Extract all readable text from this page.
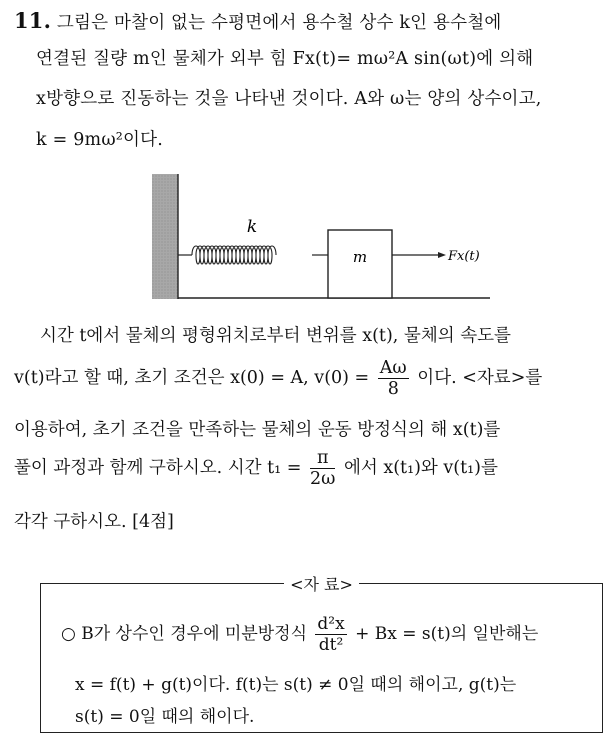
11. 그림은 마찰이 없는 수평면에서 용수철 상수 k인 용수철에
연결된 질량 m인 물체가 외부 힘 Fx(t)= mω²A sin(ωt)에 의해
x방향으로 진동하는 것을 나타낸 것이다. A와 ω는 양의 상수이고,
k = 9mω²이다.
k
m	Fx(t)
시간 t에서 물체의 평형위치로부터 변위를 x(t), 물체의 속도를
v(t)라고 할 때, 초기 조건은 x(0) = A, $v(0) = \frac{A\omega}{8}$ 이다. <자료>를
이용하여, 초기 조건을 만족하는 물체의 운동 방정식의 해 x(t)를
풀이 과정과 함께 구하시오. 시간 $t_1 = \frac{\pi}{2\omega}$ 에서 x(t₁)와 v(t₁)를
각각 구하시오. [4점]
<자 료>
○ B가 상수인 경우에 미분방정식 $\frac{\text{d²x}}{\text{dt²}} + Bx = s(t)$의 일반해는
x = f(t) + g(t)이다. f(t)는 s(t) ≠ 0일 때의 해이고, g(t)는
s(t) = 0일 때의 해이다.
